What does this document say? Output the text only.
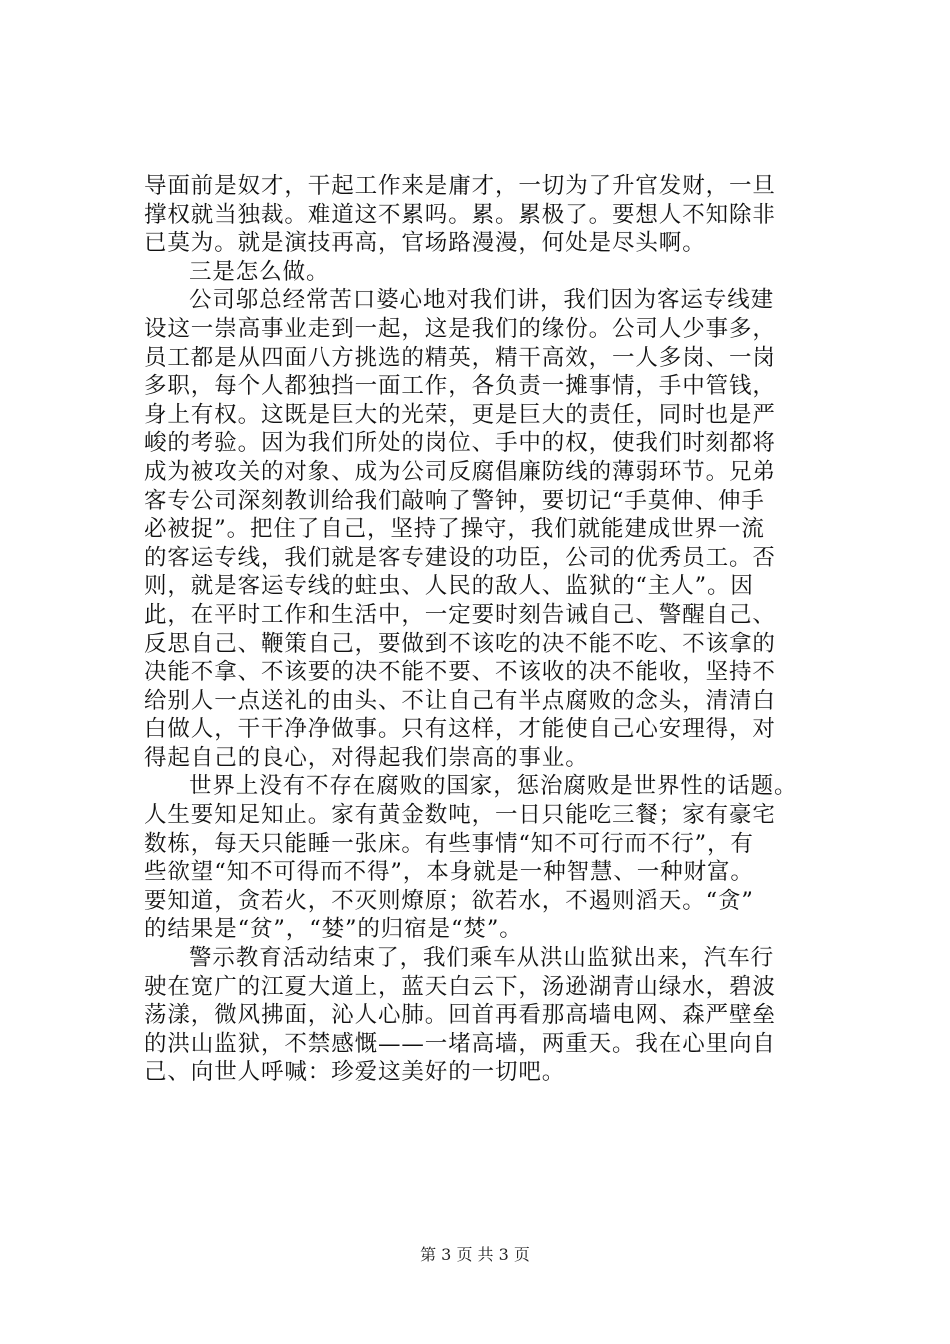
导面前是奴才，干起工作来是庸才，一切为了升官发财，一旦
撑权就当独裁。难道这不累吗。累。累极了。要想人不知除非
已莫为。就是演技再高，官场路漫漫，何处是尽头啊。
三是怎么做。
公司邬总经常苦口婆心地对我们讲，我们因为客运专线建
设这一崇高事业走到一起，这是我们的缘份。公司人少事多，
员工都是从四面八方挑选的精英，精干高效，一人多岗、一岗
多职，每个人都独挡一面工作，各负责一摊事情，手中管钱，
身上有权。这既是巨大的光荣，更是巨大的责任，同时也是严
峻的考验。因为我们所处的岗位、手中的权，使我们时刻都将
成为被攻关的对象、成为公司反腐倡廉防线的薄弱环节。兄弟
客专公司深刻教训给我们敲响了警钟，要切记“手莫伸、伸手
必被捉”。把住了自己，坚持了操守，我们就能建成世界一流
的客运专线，我们就是客专建设的功臣，公司的优秀员工。否
则，就是客运专线的蛀虫、人民的敌人、监狱的“主人”。因
此，在平时工作和生活中，一定要时刻告诫自己、警醒自己、
反思自己、鞭策自己，要做到不该吃的决不能不吃、不该拿的
决能不拿、不该要的决不能不要、不该收的决不能收，坚持不
给别人一点送礼的由头、不让自己有半点腐败的念头，清清白
白做人，干干净净做事。只有这样，才能使自己心安理得，对
得起自己的良心，对得起我们崇高的事业。
世界上没有不存在腐败的国家，惩治腐败是世界性的话题。
人生要知足知止。家有黄金数吨，一日只能吃三餐；家有豪宅
数栋，每天只能睡一张床。有些事情“知不可行而不行”，有
些欲望“知不可得而不得”，本身就是一种智慧、一种财富。
要知道，贪若火，不灭则燎原；欲若水，不遏则滔天。“贪”
的结果是“贫”，“婪”的归宿是“焚”。
警示教育活动结束了，我们乘车从洪山监狱出来，汽车行
驶在宽广的江夏大道上，蓝天白云下，汤逊湖青山绿水，碧波
荡漾，微风拂面，沁人心肺。回首再看那高墙电网、森严壁垒
的洪山监狱，不禁感慨——一堵高墙，两重天。我在心里向自
己、向世人呼喊：珍爱这美好的一切吧。
第 3 页 共 3 页
